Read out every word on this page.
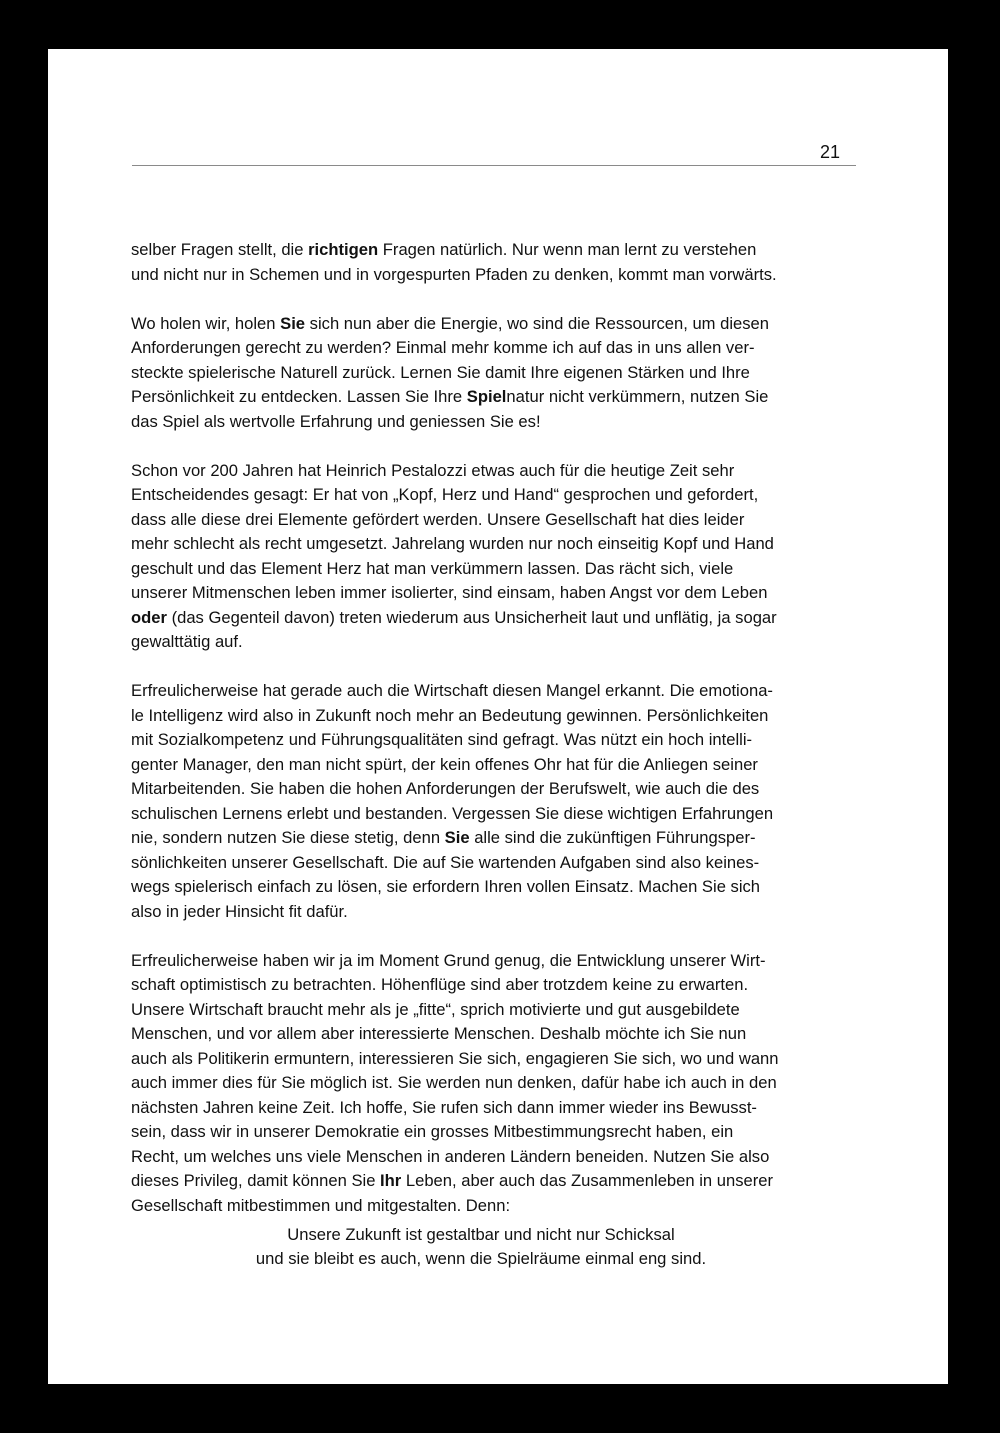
21

selber Fragen stellt, die richtigen Fragen natürlich. Nur wenn man lernt zu verstehen
und nicht nur in Schemen und in vorgespurten Pfaden zu denken, kommt man vorwärts.

Wo holen wir, holen Sie sich nun aber die Energie, wo sind die Ressourcen, um diesen
Anforderungen gerecht zu werden? Einmal mehr komme ich auf das in uns allen ver-
steckte spielerische Naturell zurück. Lernen Sie damit Ihre eigenen Stärken und Ihre
Persönlichkeit zu entdecken. Lassen Sie Ihre Spielnatur nicht verkümmern, nutzen Sie
das Spiel als wertvolle Erfahrung und geniessen Sie es!

Schon vor 200 Jahren hat Heinrich Pestalozzi etwas auch für die heutige Zeit sehr
Entscheidendes gesagt: Er hat von „Kopf, Herz und Hand“ gesprochen und gefordert,
dass alle diese drei Elemente gefördert werden. Unsere Gesellschaft hat dies leider
mehr schlecht als recht umgesetzt. Jahrelang wurden nur noch einseitig Kopf und Hand
geschult und das Element Herz hat man verkümmern lassen. Das rächt sich, viele
unserer Mitmenschen leben immer isolierter, sind einsam, haben Angst vor dem Leben
oder (das Gegenteil davon) treten wiederum aus Unsicherheit laut und unflätig, ja sogar
gewalttätig auf.

Erfreulicherweise hat gerade auch die Wirtschaft diesen Mangel erkannt. Die emotiona-
le Intelligenz wird also in Zukunft noch mehr an Bedeutung gewinnen. Persönlichkeiten
mit Sozialkompetenz und Führungsqualitäten sind gefragt. Was nützt ein hoch intelli-
genter Manager, den man nicht spürt, der kein offenes Ohr hat für die Anliegen seiner
Mitarbeitenden. Sie haben die hohen Anforderungen der Berufswelt, wie auch die des
schulischen Lernens erlebt und bestanden. Vergessen Sie diese wichtigen Erfahrungen
nie, sondern nutzen Sie diese stetig, denn Sie alle sind die zukünftigen Führungsper-
sönlichkeiten unserer Gesellschaft. Die auf Sie wartenden Aufgaben sind also keines-
wegs spielerisch einfach zu lösen, sie erfordern Ihren vollen Einsatz. Machen Sie sich
also in jeder Hinsicht fit dafür.

Erfreulicherweise haben wir ja im Moment Grund genug, die Entwicklung unserer Wirt-
schaft optimistisch zu betrachten. Höhenflüge sind aber trotzdem keine zu erwarten.
Unsere Wirtschaft braucht mehr als je „fitte“, sprich motivierte und gut ausgebildete
Menschen, und vor allem aber interessierte Menschen. Deshalb möchte ich Sie nun
auch als Politikerin ermuntern, interessieren Sie sich, engagieren Sie sich, wo und wann
auch immer dies für Sie möglich ist. Sie werden nun denken, dafür habe ich auch in den
nächsten Jahren keine Zeit. Ich hoffe, Sie rufen sich dann immer wieder ins Bewusst-
sein, dass wir in unserer Demokratie ein grosses Mitbestimmungsrecht haben, ein
Recht, um welches uns viele Menschen in anderen Ländern beneiden. Nutzen Sie also
dieses Privileg, damit können Sie Ihr Leben, aber auch das Zusammenleben in unserer
Gesellschaft mitbestimmen und mitgestalten. Denn:

Unsere Zukunft ist gestaltbar und nicht nur Schicksal
und sie bleibt es auch, wenn die Spielräume einmal eng sind.
